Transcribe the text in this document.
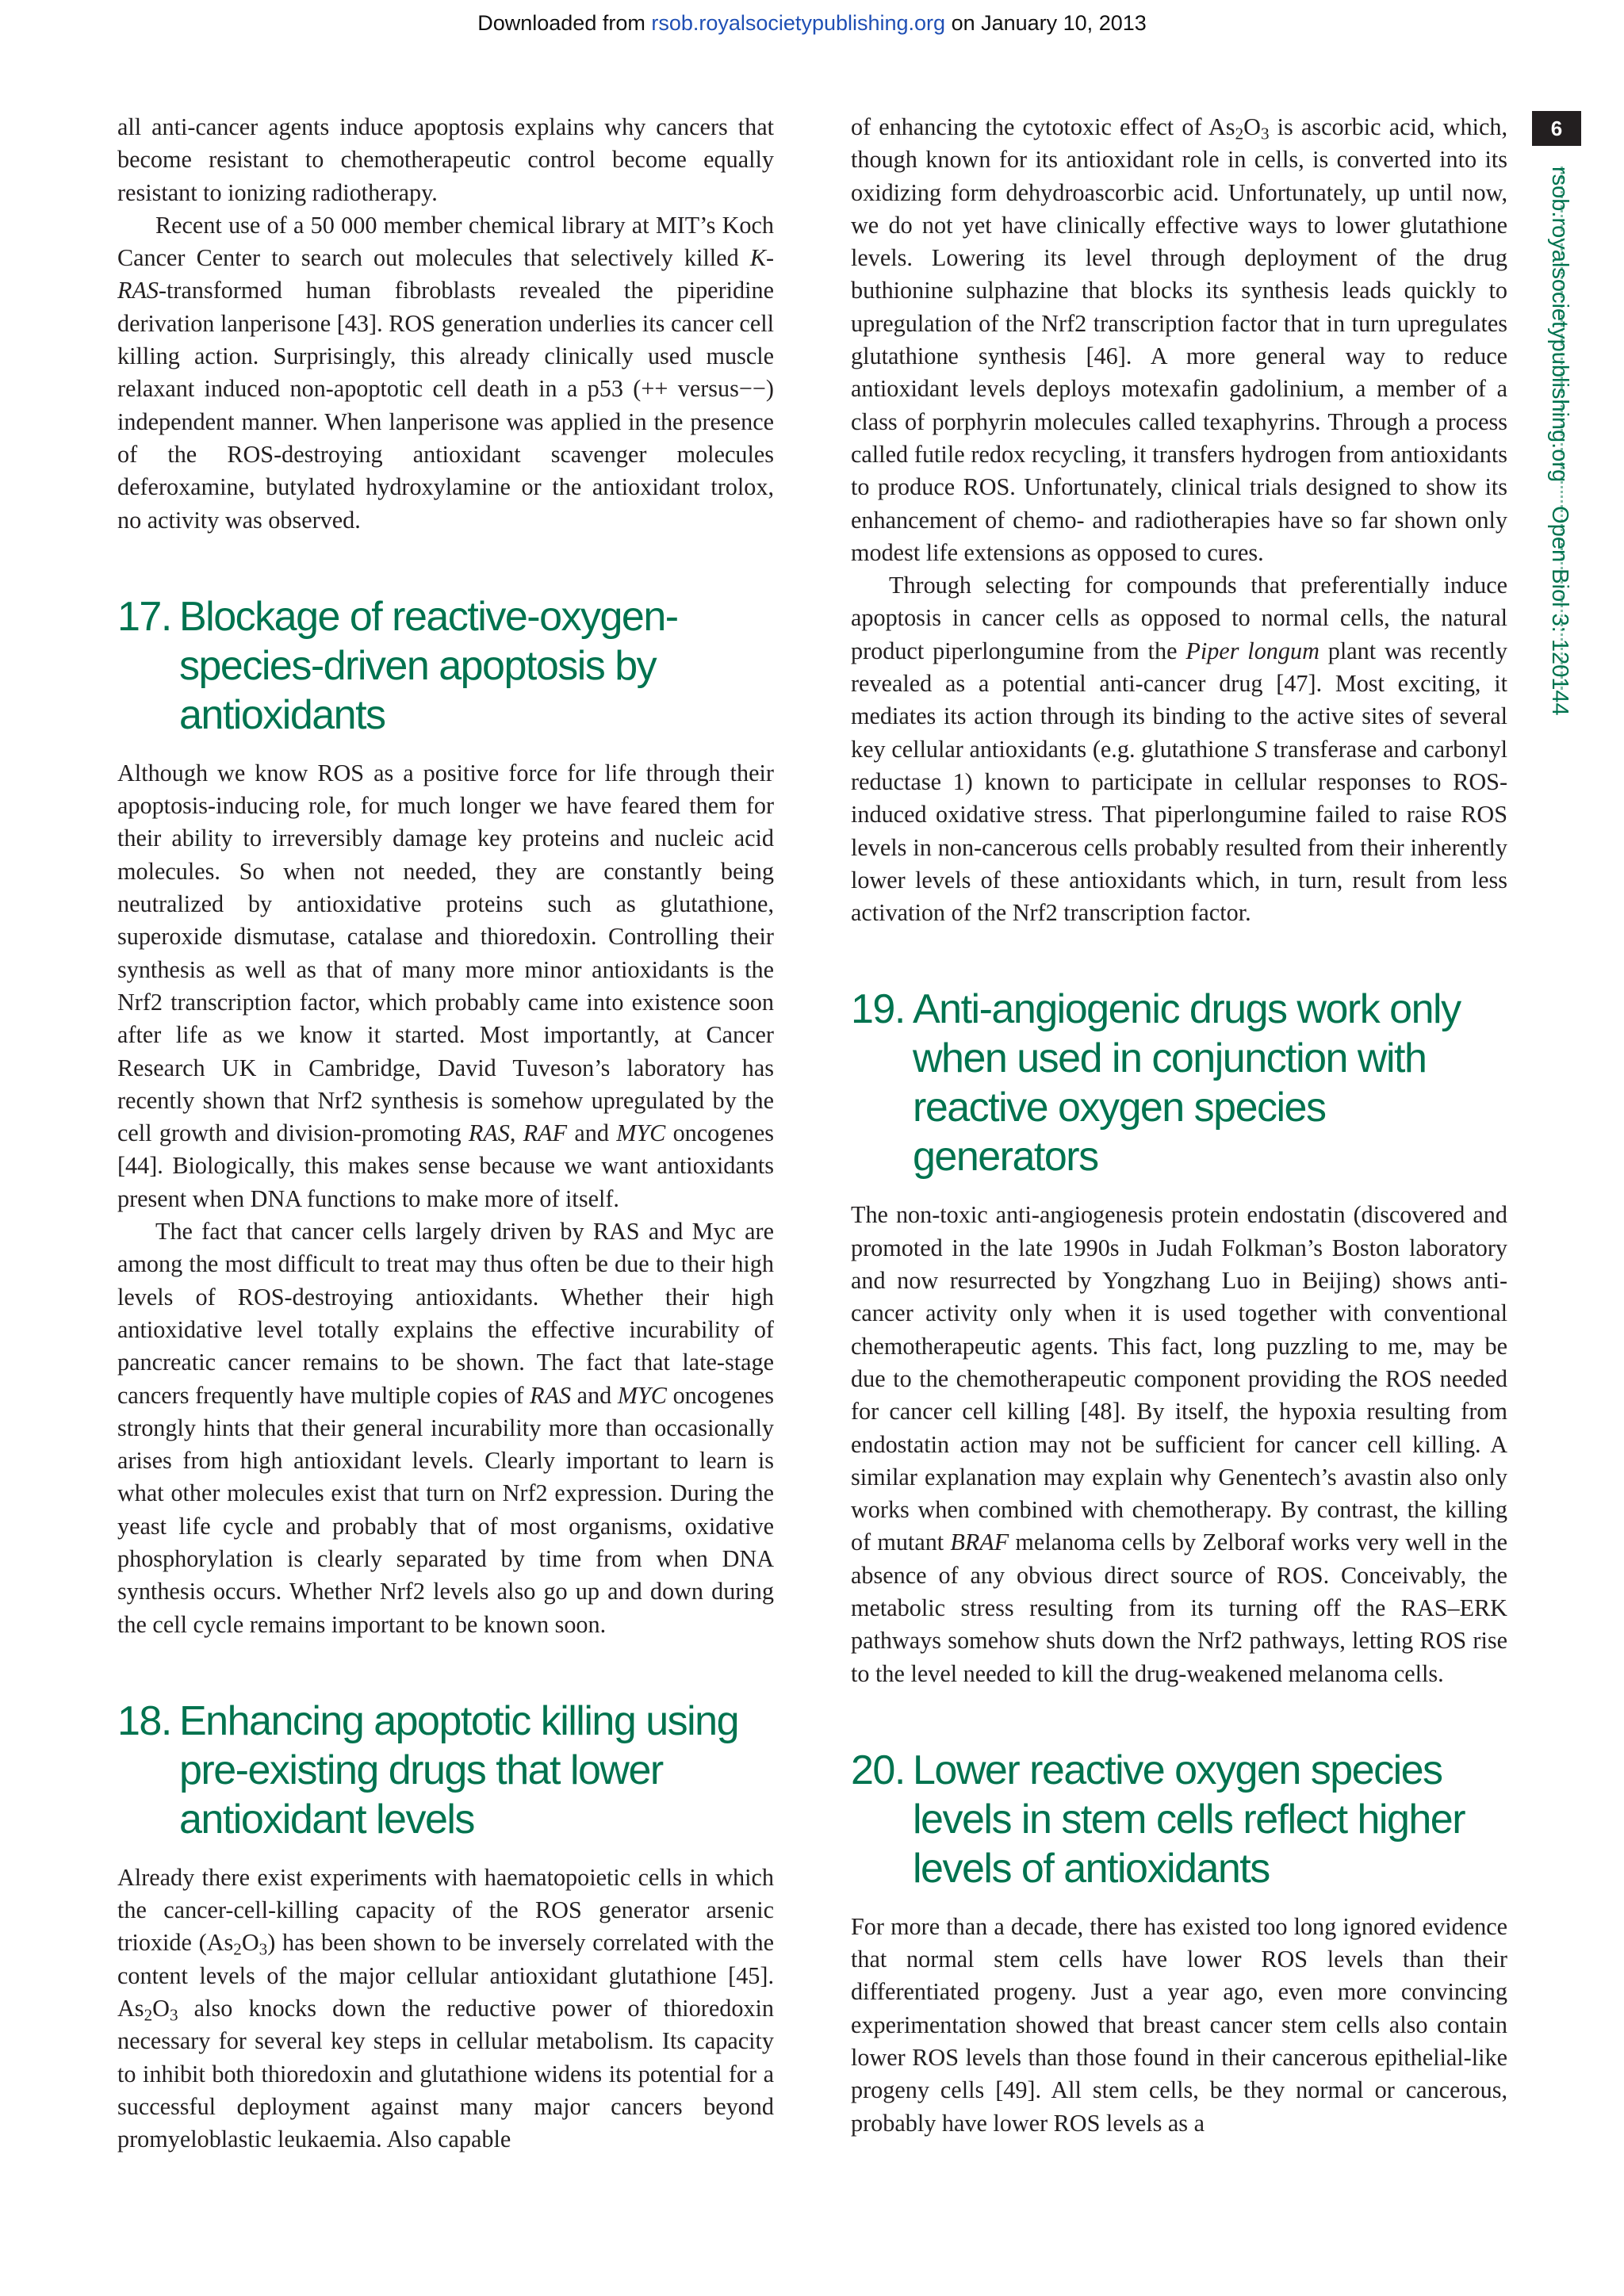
Downloaded from rsob.royalsocietypublishing.org on January 10, 2013
6
rsob.royalsocietypublishing.orgOpen Biol 3: 120144

all anti-cancer agents induce apoptosis explains why cancers that become resistant to chemotherapeutic control become equally resistant to ionizing radiotherapy.

Recent use of a 50 000 member chemical library at MIT’s Koch Cancer Center to search out molecules that selectively killed K-RAS-transformed human fibroblasts revealed the piperidine derivation lanperisone [43]. ROS generation underlies its cancer cell killing action. Surprisingly, this already clinically used muscle relaxant induced non-apoptotic cell death in a p53 (++ versus−−) independent manner. When lanperisone was applied in the presence of the ROS-destroying antioxidant scavenger molecules deferoxamine, butylated hydroxylamine or the antioxidant trolox, no activity was observed.

17. Blockage of reactive-oxygen-species-driven apoptosis by antioxidants

Although we know ROS as a positive force for life through their apoptosis-inducing role, for much longer we have feared them for their ability to irreversibly damage key proteins and nucleic acid molecules. So when not needed, they are constantly being neutralized by antioxidative proteins such as glutathione, superoxide dismutase, catalase and thioredoxin. Controlling their synthesis as well as that of many more minor antioxidants is the Nrf2 transcription factor, which probably came into existence soon after life as we know it started. Most importantly, at Cancer Research UK in Cambridge, David Tuveson’s laboratory has recently shown that Nrf2 synthesis is somehow upregulated by the cell growth and division-promoting RAS, RAF and MYC oncogenes [44]. Biologically, this makes sense because we want antioxidants present when DNA functions to make more of itself.

The fact that cancer cells largely driven by RAS and Myc are among the most difficult to treat may thus often be due to their high levels of ROS-destroying antioxidants. Whether their high antioxidative level totally explains the effective incurability of pancreatic cancer remains to be shown. The fact that late-stage cancers frequently have multiple copies of RAS and MYC oncogenes strongly hints that their general incurability more than occasionally arises from high antioxidant levels. Clearly important to learn is what other molecules exist that turn on Nrf2 expression. During the yeast life cycle and probably that of most organisms, oxidative phosphorylation is clearly separated by time from when DNA synthesis occurs. Whether Nrf2 levels also go up and down during the cell cycle remains important to be known soon.

18. Enhancing apoptotic killing using pre-existing drugs that lower antioxidant levels

Already there exist experiments with haematopoietic cells in which the cancer-cell-killing capacity of the ROS generator arsenic trioxide $(As_2O_3)$ has been shown to be inversely correlated with the content levels of the major cellular antioxidant glutathione [45]. $As_2O_3$ also knocks down the reductive power of thioredoxin necessary for several key steps in cellular metabolism. Its capacity to inhibit both thioredoxin and glutathione widens its potential for a successful deployment against many major cancers beyond promyeloblastic leukaemia. Also capable

of enhancing the cytotoxic effect of $As_2O_3$ is ascorbic acid, which, though known for its antioxidant role in cells, is converted into its oxidizing form dehydroascorbic acid. Unfortunately, up until now, we do not yet have clinically effective ways to lower glutathione levels. Lowering its level through deployment of the drug buthionine sulphazine that blocks its synthesis leads quickly to upregulation of the Nrf2 transcription factor that in turn upregulates glutathione synthesis [46]. A more general way to reduce antioxidant levels deploys motexafin gadolinium, a member of a class of porphyrin molecules called texaphyrins. Through a process called futile redox recycling, it transfers hydrogen from antioxidants to produce ROS. Unfortunately, clinical trials designed to show its enhancement of chemo- and radiotherapies have so far shown only modest life extensions as opposed to cures.

Through selecting for compounds that preferentially induce apoptosis in cancer cells as opposed to normal cells, the natural product piperlongumine from the Piper longum plant was recently revealed as a potential anti-cancer drug [47]. Most exciting, it mediates its action through its binding to the active sites of several key cellular antioxidants (e.g. glutathione S transferase and carbonyl reductase 1) known to participate in cellular responses to ROS-induced oxidative stress. That piperlongumine failed to raise ROS levels in non-cancerous cells probably resulted from their inherently lower levels of these antioxidants which, in turn, result from less activation of the Nrf2 transcription factor.

19. Anti-angiogenic drugs work only when used in conjunction with reactive oxygen species generators

The non-toxic anti-angiogenesis protein endostatin (discovered and promoted in the late 1990s in Judah Folkman’s Boston laboratory and now resurrected by Yongzhang Luo in Beijing) shows anti-cancer activity only when it is used together with conventional chemotherapeutic agents. This fact, long puzzling to me, may be due to the chemotherapeutic component providing the ROS needed for cancer cell killing [48]. By itself, the hypoxia resulting from endostatin action may not be sufficient for cancer cell killing. A similar explanation may explain why Genentech’s avastin also only works when combined with chemotherapy. By contrast, the killing of mutant BRAF melanoma cells by Zelboraf works very well in the absence of any obvious direct source of ROS. Conceivably, the metabolic stress resulting from its turning off the RAS–ERK pathways somehow shuts down the Nrf2 pathways, letting ROS rise to the level needed to kill the drug-weakened melanoma cells.

20. Lower reactive oxygen species levels in stem cells reflect higher levels of antioxidants

For more than a decade, there has existed too long ignored evidence that normal stem cells have lower ROS levels than their differentiated progeny. Just a year ago, even more convincing experimentation showed that breast cancer stem cells also contain lower ROS levels than those found in their cancerous epithelial-like progeny cells [49]. All stem cells, be they normal or cancerous, probably have lower ROS levels as a
